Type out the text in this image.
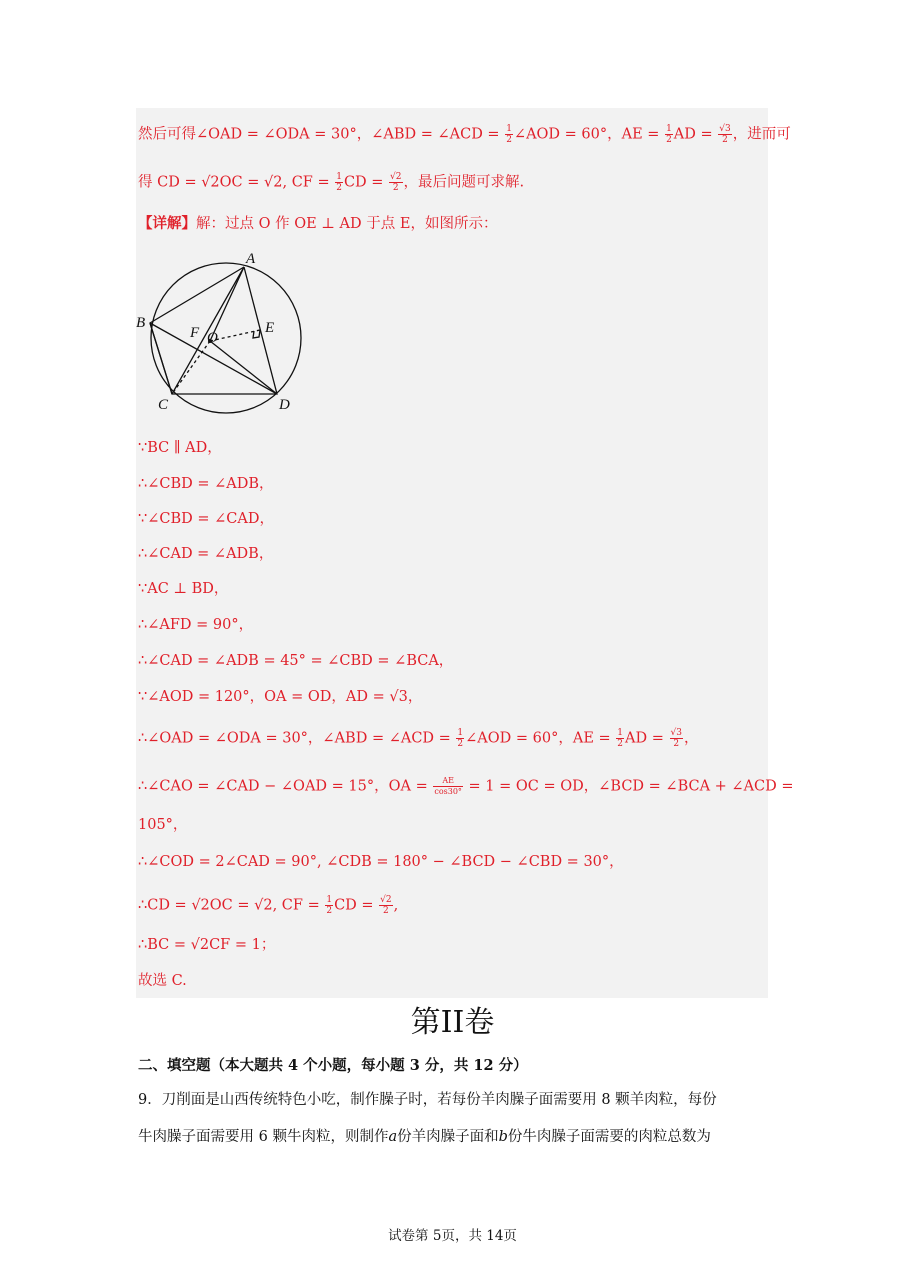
然后可得∠OAD = ∠ODA = 30°，∠ABD = ∠ACD = $\frac{1}{2}$ ∠AOD = 60°，AE = $\frac{1}{2}$ AD = $\frac{√3}{2}$ ，进而可
得 CD = √2OC = √2, CF = $\frac{1}{2}$ CD = $\frac{√2}{2}$ ，最后问题可求解.
【详解】解：过点 O 作 OE ⊥ AD 于点 E，如图所示：
A
B
C	D
E
F O
∵BC ∥ AD，
∴∠CBD = ∠ADB，
∵∠CBD = ∠CAD，
∴∠CAD = ∠ADB，
∵AC ⊥ BD，
∴∠AFD = 90°，
∴∠CAD = ∠ADB = 45° = ∠CBD = ∠BCA，
∵∠AOD = 120°，OA = OD，AD = √3，
∴∠OAD = ∠ODA = 30°，∠ABD = ∠ACD = $\frac{1}{2}$ ∠AOD = 60°，AE = $\frac{1}{2}$ AD = $\frac{√3}{2}$ ，
∴∠CAO = ∠CAD − ∠OAD = 15°，OA = $\frac{AE}{\cos 30^\circ} = 1$ = OC = OD，∠BCD = ∠BCA + ∠ACD =
105°，
∴∠COD = 2∠CAD = 90°, ∠CDB = 180° − ∠BCD − ∠CBD = 30°，
∴CD = √2OC = √2, CF = $\frac{1}{2}$ CD = $\frac{√2}{2}$ ,
∴BC = √2CF = 1；
故选 C.
第II卷
二、填空题（本大题共 4 个小题，每小题 3 分，共 12 分）
9．刀削面是山西传统特色小吃，制作臊子时，若每份羊肉臊子面需要用 8 颗羊肉粒，每份
牛肉臊子面需要用 6 颗牛肉粒，则制作𝑎份羊肉臊子面和𝑏份牛肉臊子面需要的肉粒总数为
试卷第 5页，共 14页
